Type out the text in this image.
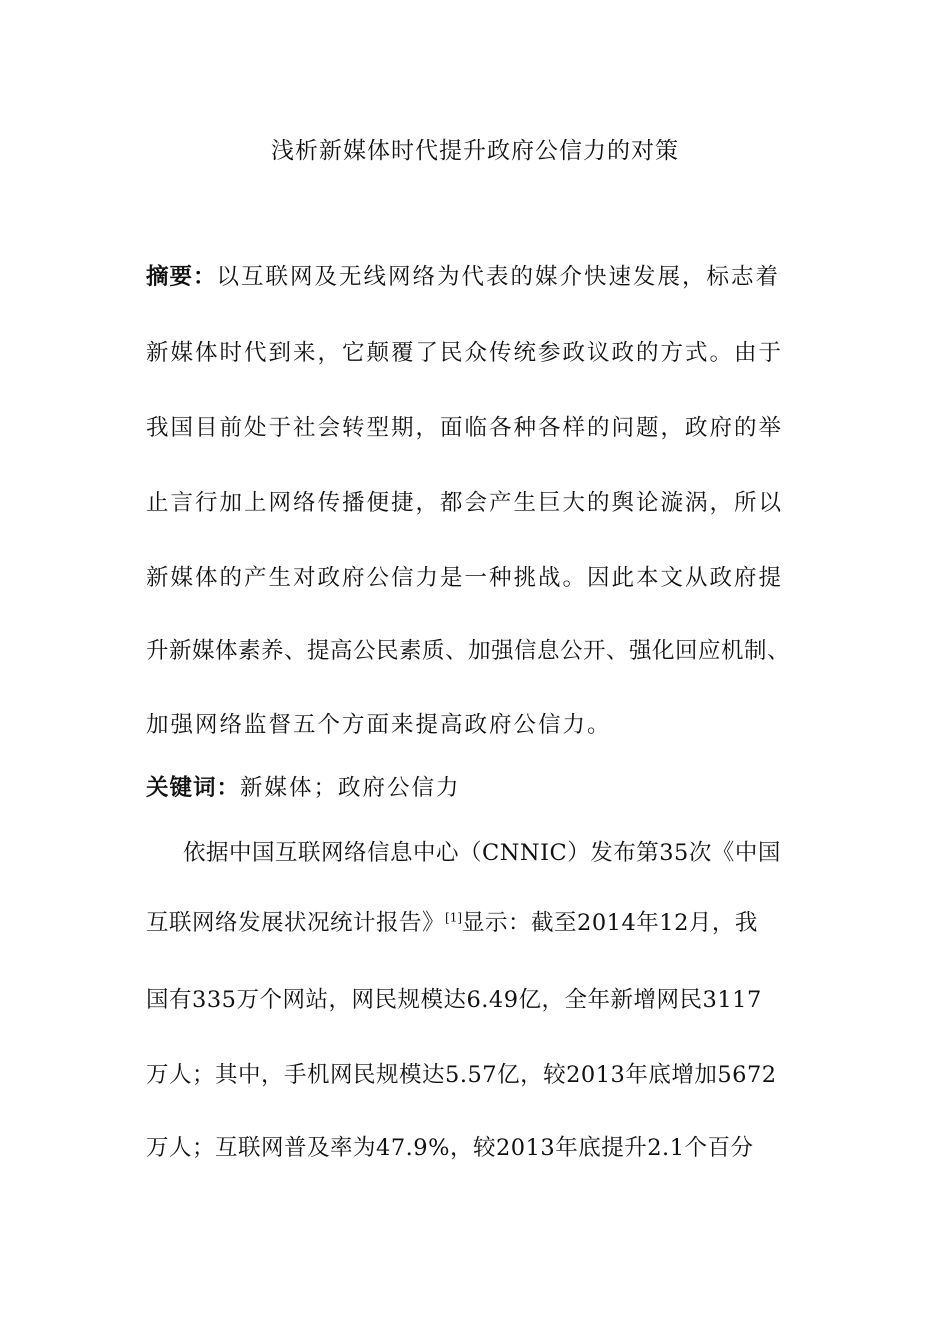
浅析新媒体时代提升政府公信力的对策
摘要：以互联网及无线网络为代表的媒介快速发展，标志着
新媒体时代到来，它颠覆了民众传统参政议政的方式。由于
我国目前处于社会转型期，面临各种各样的问题，政府的举
止言行加上网络传播便捷，都会产生巨大的舆论漩涡，所以
新媒体的产生对政府公信力是一种挑战。因此本文从政府提
升新媒体素养、提高公民素质、加强信息公开、强化回应机制、
加强网络监督五个方面来提高政府公信力。
关键词：新媒体；政府公信力
依据中国互联网络信息中心（CNNIC）发布第35次《中国
互联网络发展状况统计报告》[1]显示：截至2014年12月，我
国有335万个网站，网民规模达6.49亿，全年新增网民3117
万人；其中，手机网民规模达5.57亿，较2013年底增加5672
万人；互联网普及率为47.9%，较2013年底提升2.1个百分
